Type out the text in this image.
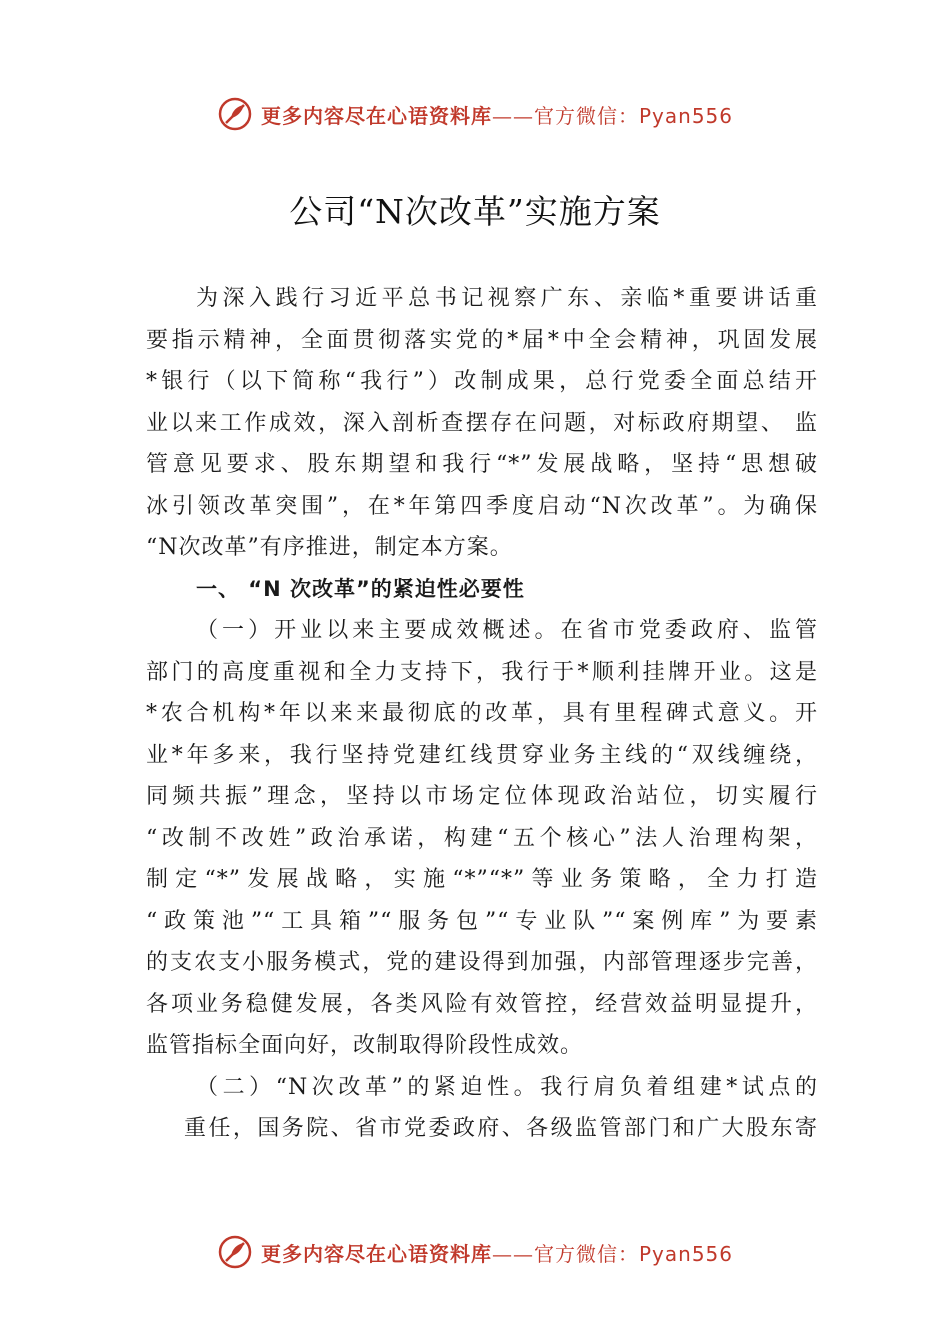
更多内容尽在心语资料库——官方微信：Pyan556
公司“N次改革”实施方案
为深入践行习近平总书记视察广东、亲临*重要讲话重
要指示精神，全面贯彻落实党的*届*中全会精神，巩固发展
*银行（以下简称“我行”）改制成果，总行党委全面总结开
业以来工作成效，深入剖析查摆存在问题，对标政府期望、 监
管意见要求、股东期望和我行“*”发展战略，坚持“思想破
冰引领改革突围”，在*年第四季度启动“N次改革”。为确保
“N次改革”有序推进，制定本方案。
一、 “N 次改革”的紧迫性必要性
（一）开业以来主要成效概述。在省市党委政府、监管
部门的高度重视和全力支持下，我行于*顺利挂牌开业。这是
*农合机构*年以来来最彻底的改革，具有里程碑式意义。开
业*年多来，我行坚持党建红线贯穿业务主线的“双线缠绕，
同频共振”理念，坚持以市场定位体现政治站位，切实履行
“改制不改姓”政治承诺，构建“五个核心”法人治理构架，
制定“*”发展战略，实施“*”“*”等业务策略，全力打造
“政策池”“工具箱”“服务包”“专业队”“案例库”为要素
的支农支小服务模式，党的建设得到加强，内部管理逐步完善，
各项业务稳健发展，各类风险有效管控，经营效益明显提升，
监管指标全面向好，改制取得阶段性成效。
（二）“N次改革”的紧迫性。我行肩负着组建*试点的
重任，国务院、省市党委政府、各级监管部门和广大股东寄
更多内容尽在心语资料库——官方微信：Pyan556
